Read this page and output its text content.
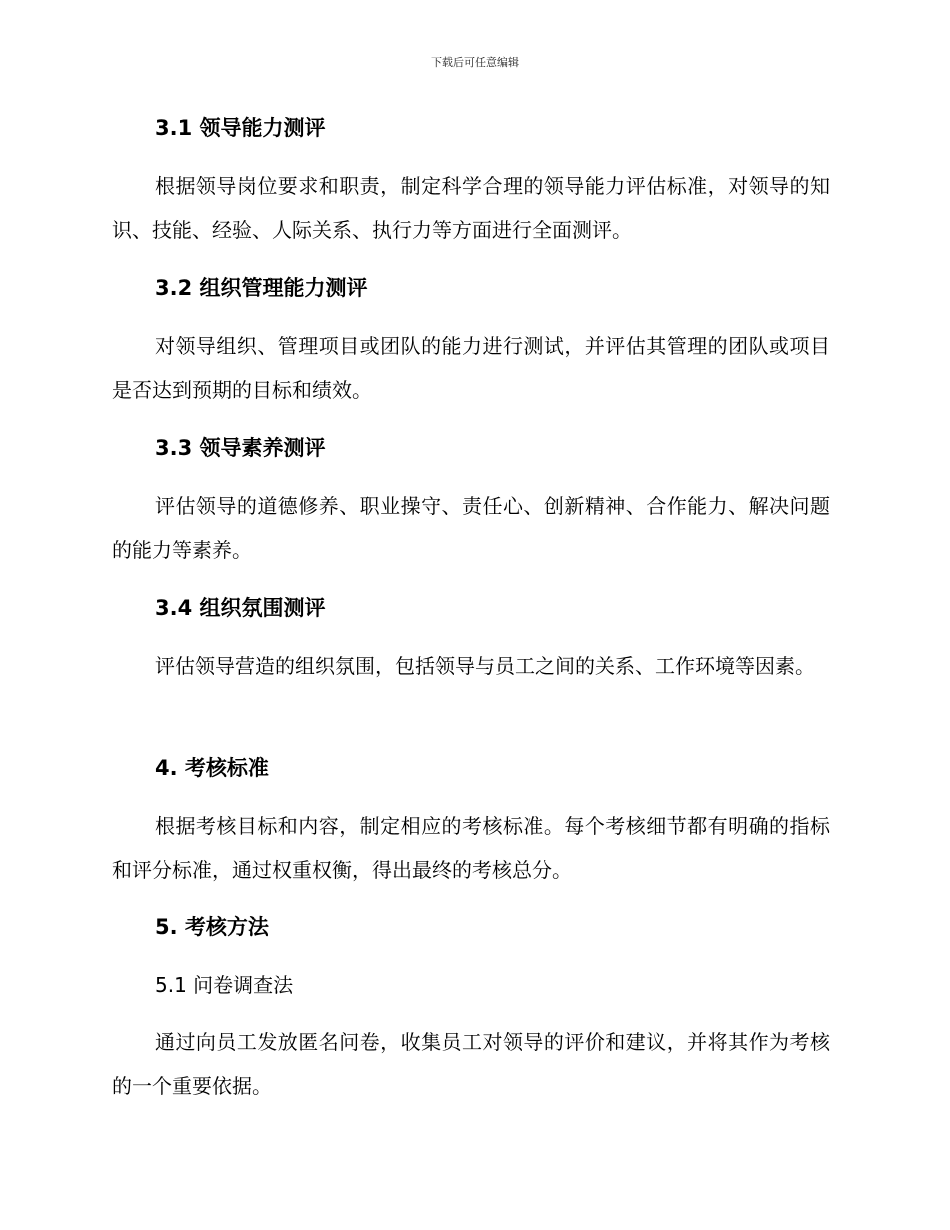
下载后可任意编辑
3.1 领导能力测评

根据领导岗位要求和职责，制定科学合理的领导能力评估标准，对领导的知识、技能、经验、人际关系、执行力等方面进行全面测评。

3.2 组织管理能力测评

对领导组织、管理项目或团队的能力进行测试，并评估其管理的团队或项目是否达到预期的目标和绩效。

3.3 领导素养测评

评估领导的道德修养、职业操守、责任心、创新精神、合作能力、解决问题的能力等素养。

3.4 组织氛围测评

评估领导营造的组织氛围，包括领导与员工之间的关系、工作环境等因素。

4. 考核标准

根据考核目标和内容，制定相应的考核标准。每个考核细节都有明确的指标和评分标准，通过权重权衡，得出最终的考核总分。

5. 考核方法
5.1 问卷调查法

通过向员工发放匿名问卷，收集员工对领导的评价和建议，并将其作为考核的一个重要依据。
